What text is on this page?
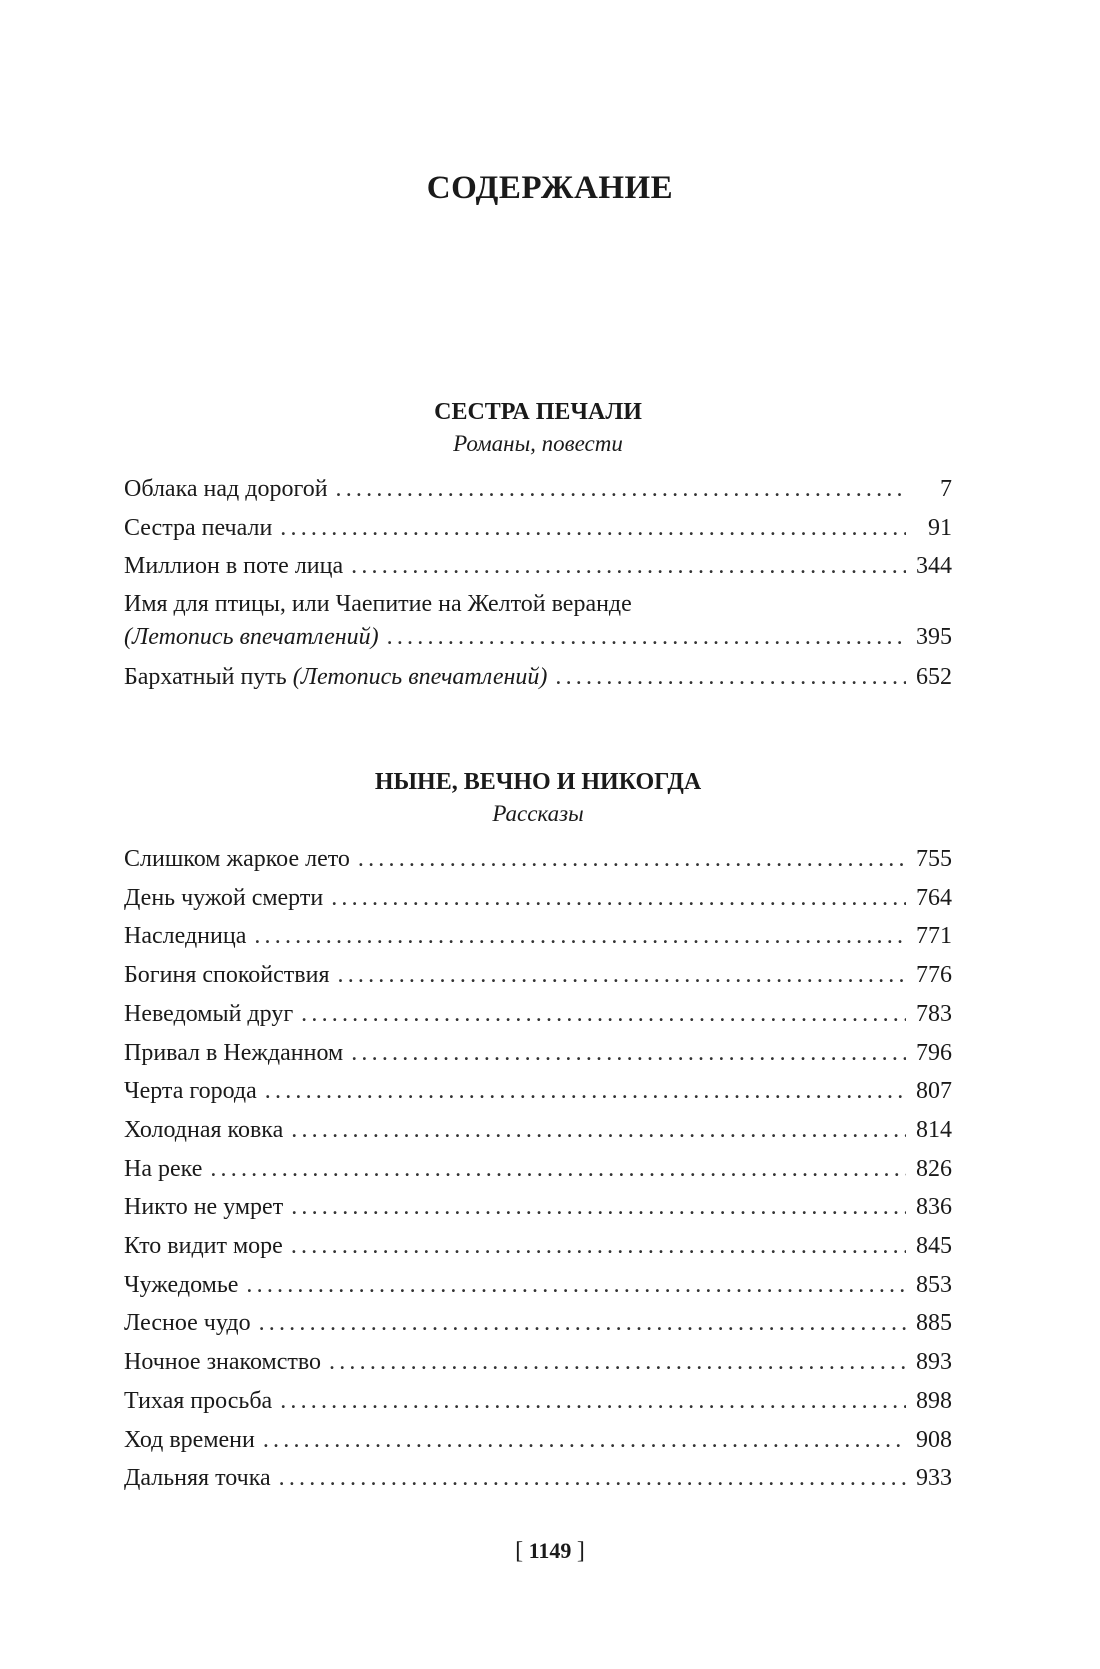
СОДЕРЖАНИЕ
СЕСТРА ПЕЧАЛИ
Романы, повести
Облака над дорогой .....	7
Сестра печали .....	91
Миллион в поте лица .....	344
Имя для птицы, или Чаепитие на Желтой веранде
(Летопись впечатлений) .....	395
Бархатный путь (Летопись впечатлений) .....	652
НЫНЕ, ВЕЧНО И НИКОГДА
Рассказы
Слишком жаркое лето .....	755
День чужой смерти .....	764
Наследница .....	771
Богиня спокойствия .....	776
Неведомый друг .....	783
Привал в Нежданном .....	796
Черта города .....	807
Холодная ковка .....	814
На реке .....	826
Никто не умрет .....	836
Кто видит море .....	845
Чужедомье .....	853
Лесное чудо .....	885
Ночное знакомство .....	893
Тихая просьба .....	898
Ход времени .....	908
Дальняя точка .....	933
[ 1149 ]
